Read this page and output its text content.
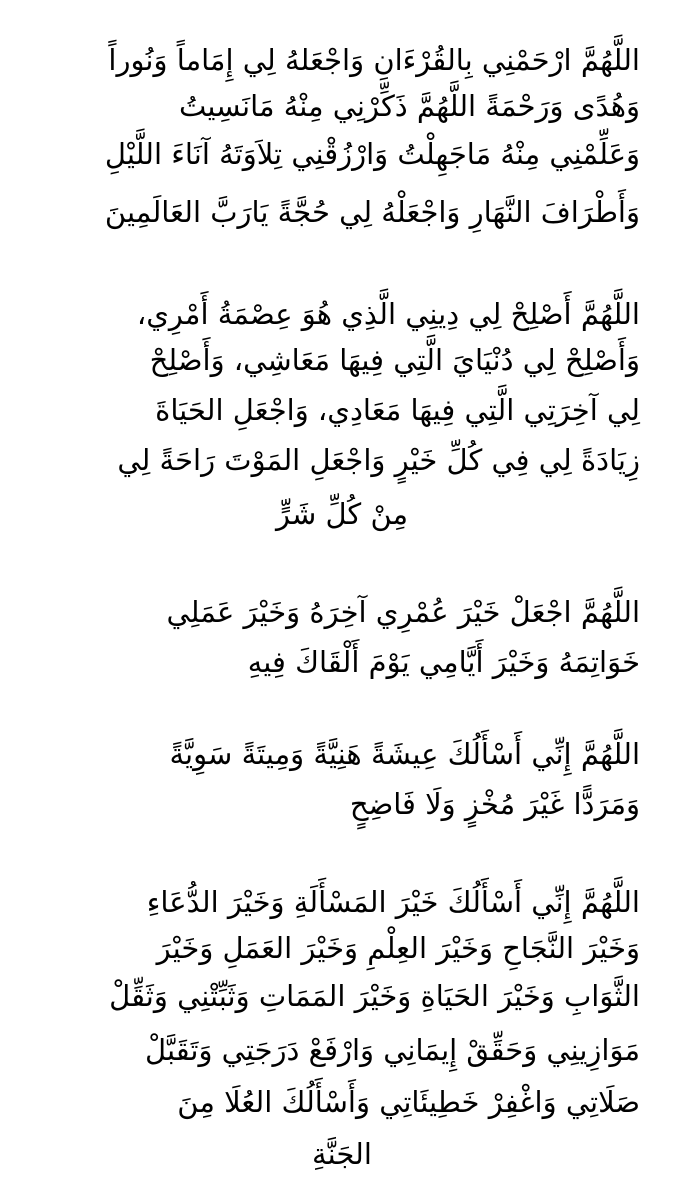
اللَّهُمَّ ارْحَمْنِي بِالقُرْءَانِ وَاجْعَلهُ لِي إِمَاماً وَنُوراً
وَهُدًى وَرَحْمَةً اللَّهُمَّ ذَكِّرْنِي مِنْهُ مَانَسِيتُ
وَعَلِّمْنِي مِنْهُ مَاجَهِلْتُ وَارْزُقْنِي تِلاَوَتَهُ آنَاءَ اللَّيْلِ
وَأَطْرَافَ النَّهَارِ وَاجْعَلْهُ لِي حُجَّةً يَارَبَّ العَالَمِينَ
اللَّهُمَّ أَصْلِحْ لِي دِينِي الَّذِي هُوَ عِصْمَةُ أَمْرِي،
وَأَصْلِحْ لِي دُنْيَايَ الَّتِي فِيهَا مَعَاشِي، وَأَصْلِحْ
لِي آخِرَتِي الَّتِي فِيهَا مَعَادِي، وَاجْعَلِ الحَيَاةَ
زِيَادَةً لِي فِي كُلِّ خَيْرٍ وَاجْعَلِ المَوْتَ رَاحَةً لِي
مِنْ كُلِّ شَرٍّ
اللَّهُمَّ اجْعَلْ خَيْرَ عُمْرِي آخِرَهُ وَخَيْرَ عَمَلِي
خَوَاتِمَهُ وَخَيْرَ أَيَّامِي يَوْمَ أَلْقَاكَ فِيهِ
اللَّهُمَّ إِنِّي أَسْأَلُكَ عِيشَةً هَنِيَّةً وَمِيتَةً سَوِيَّةً
وَمَرَدًّا غَيْرَ مُخْزٍ وَلَا فَاضِحٍ
اللَّهُمَّ إِنِّي أَسْأَلُكَ خَيْرَ المَسْأَلَةِ وَخَيْرَ الدُّعَاءِ
وَخَيْرَ النَّجَاحِ وَخَيْرَ العِلْمِ وَخَيْرَ العَمَلِ وَخَيْرَ
الثَّوَابِ وَخَيْرَ الحَيَاةِ وَخَيْرَ المَمَاتِ وَثَبِّتْنِي وَثَقِّلْ
مَوَازِينِي وَحَقِّقْ إِيمَانِي وَارْفَعْ دَرَجَتِي وَتَقَبَّلْ
صَلَاتِي وَاغْفِرْ خَطِيئَاتِي وَأَسْأَلُكَ العُلَا مِنَ
الجَنَّةِ
